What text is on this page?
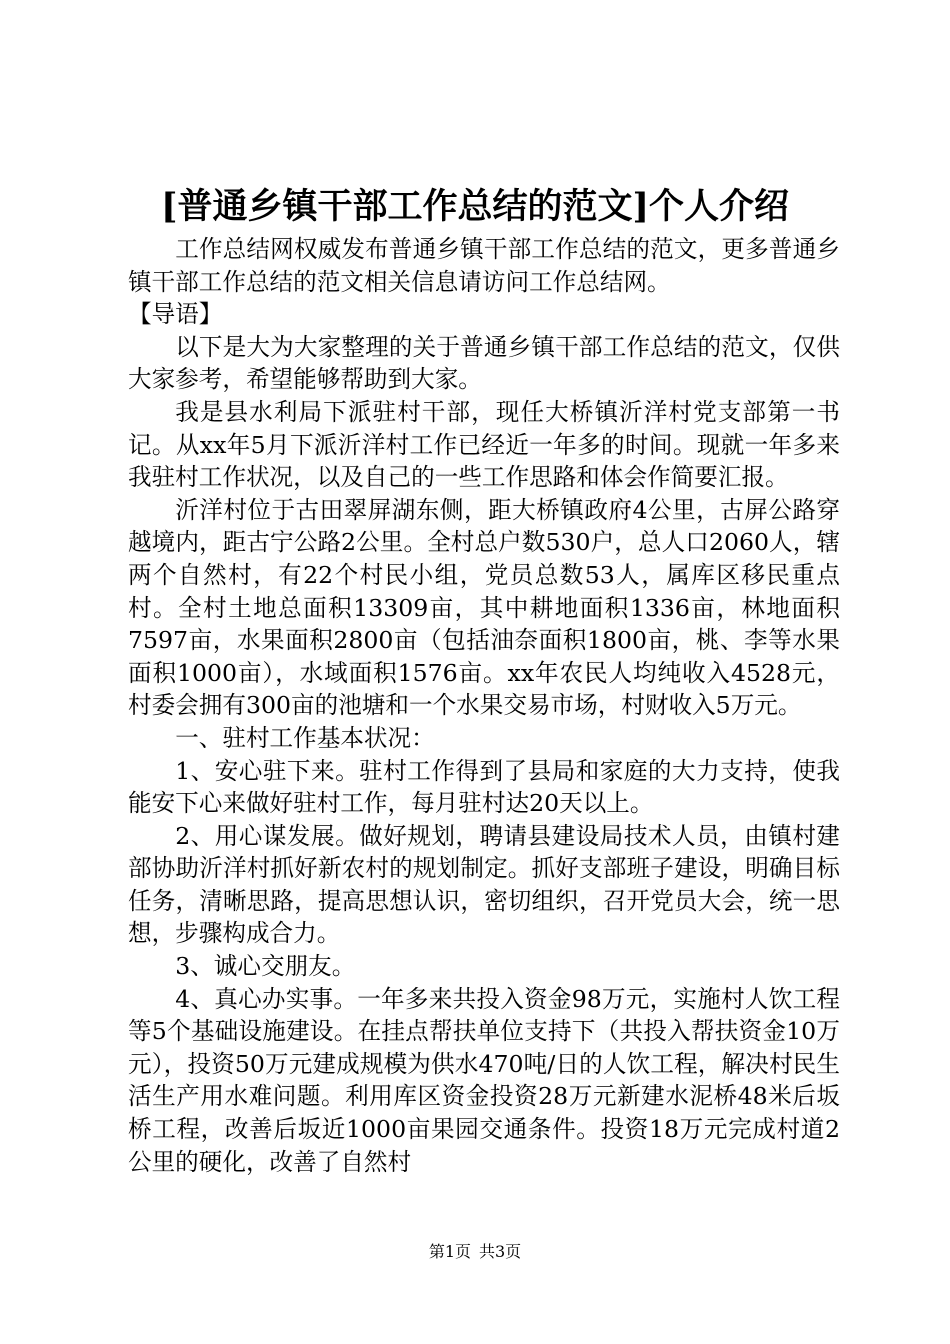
[普通乡镇干部工作总结的范文]个人介绍

工作总结网权威发布普通乡镇干部工作总结的范文，更多普通乡镇干部工作总结的范文相关信息请访问工作总结网。

【导语】

以下是大为大家整理的关于普通乡镇干部工作总结的范文，仅供大家参考，希望能够帮助到大家。

我是县水利局下派驻村干部，现任大桥镇沂洋村党支部第一书记。从xx年5月下派沂洋村工作已经近一年多的时间。现就一年多来我驻村工作状况，以及自己的一些工作思路和体会作简要汇报。

沂洋村位于古田翠屏湖东侧，距大桥镇政府4公里，古屏公路穿越境内，距古宁公路2公里。全村总户数530户，总人口2060人，辖两个自然村，有22个村民小组，党员总数53人，属库区移民重点村。全村土地总面积13309亩，其中耕地面积1336亩，林地面积7597亩，水果面积2800亩（包括油奈面积1800亩，桃、李等水果面积1000亩），水域面积1576亩。xx年农民人均纯收入4528元，村委会拥有300亩的池塘和一个水果交易市场，村财收入5万元。

一、驻村工作基本状况：

1、安心驻下来。驻村工作得到了县局和家庭的大力支持，使我能安下心来做好驻村工作，每月驻村达20天以上。

2、用心谋发展。做好规划，聘请县建设局技术人员，由镇村建部协助沂洋村抓好新农村的规划制定。抓好支部班子建设，明确目标任务，清晰思路，提高思想认识，密切组织，召开党员大会，统一思想，步骤构成合力。

3、诚心交朋友。

4、真心办实事。一年多来共投入资金98万元，实施村人饮工程等5个基础设施建设。在挂点帮扶单位支持下（共投入帮扶资金10万元），投资50万元建成规模为供水470吨/日的人饮工程，解决村民生活生产用水难问题。利用库区资金投资28万元新建水泥桥48米后坂桥工程，改善后坂近1000亩果园交通条件。投资18万元完成村道2公里的硬化，改善了自然村

第1页 共3页
